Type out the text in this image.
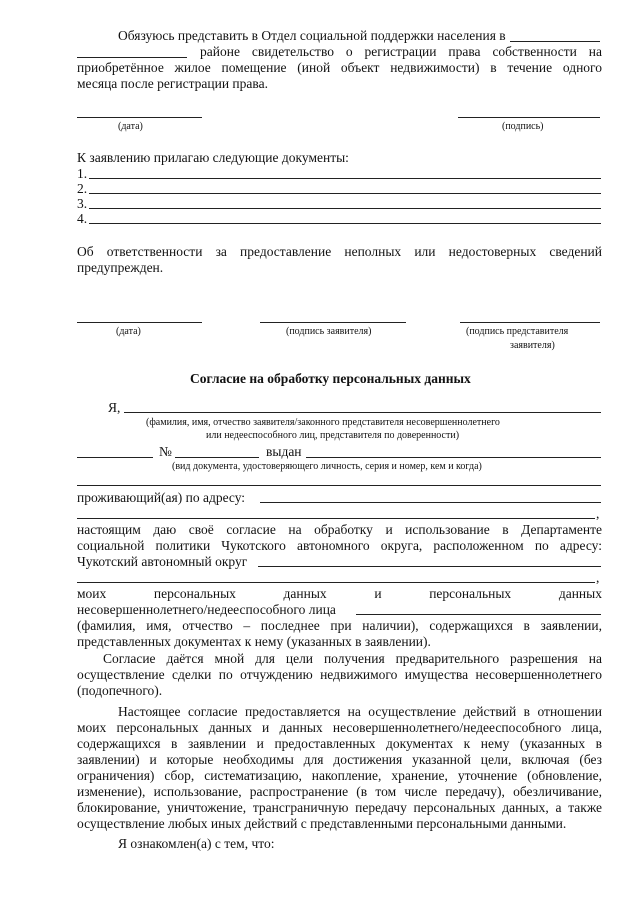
Обязуюсь представить в Отдел социальной поддержки населения в
районе свидетельство о регистрации права собственности на
приобретённое жилое помещение (иной объект недвижимости) в течение одного
месяца после регистрации права.
(дата)	(подпись)
К заявлению прилагаю следующие документы:
1.
2.
3.
4.
Об ответственности за предоставление неполных или недостоверных сведений
предупрежден.
(дата)	(подпись заявителя)	(подпись представителя
заявителя)
Согласие на обработку персональных данных
Я,
(фамилия, имя, отчество заявителя/законного представителя несовершеннолетнего
или недееспособного лиц, представителя по доверенности)
№	выдан
(вид документа, удостоверяющего личность, серия и номер, кем и когда)
проживающий(ая) по адресу:
,
настоящим даю своё согласие на обработку и использование в Департаменте
социальной политики Чукотского автономного округа, расположенном по адресу:
Чукотский автономный округ
,
моих	персональных	данных	и	персональных	данных
несовершеннолетнего/недееспособного лица
(фамилия, имя, отчество – последнее при наличии), содержащихся в заявлении,
представленных документах к нему (указанных в заявлении).
Согласие даётся мной для цели получения предварительного разрешения на
осуществление сделки по отчуждению недвижимого имущества несовершеннолетнего
(подопечного).
Настоящее согласие предоставляется на осуществление действий в отношении
моих персональных данных и данных несовершеннолетнего/недееспособного лица,
содержащихся в заявлении и предоставленных документах к нему (указанных в
заявлении) и которые необходимы для достижения указанной цели, включая (без
ограничения) сбор, систематизацию, накопление, хранение, уточнение (обновление,
изменение), использование, распространение (в том числе передачу), обезличивание,
блокирование, уничтожение, трансграничную передачу персональных данных, а также
осуществление любых иных действий с представленными персональными данными.
Я ознакомлен(а) с тем, что:
